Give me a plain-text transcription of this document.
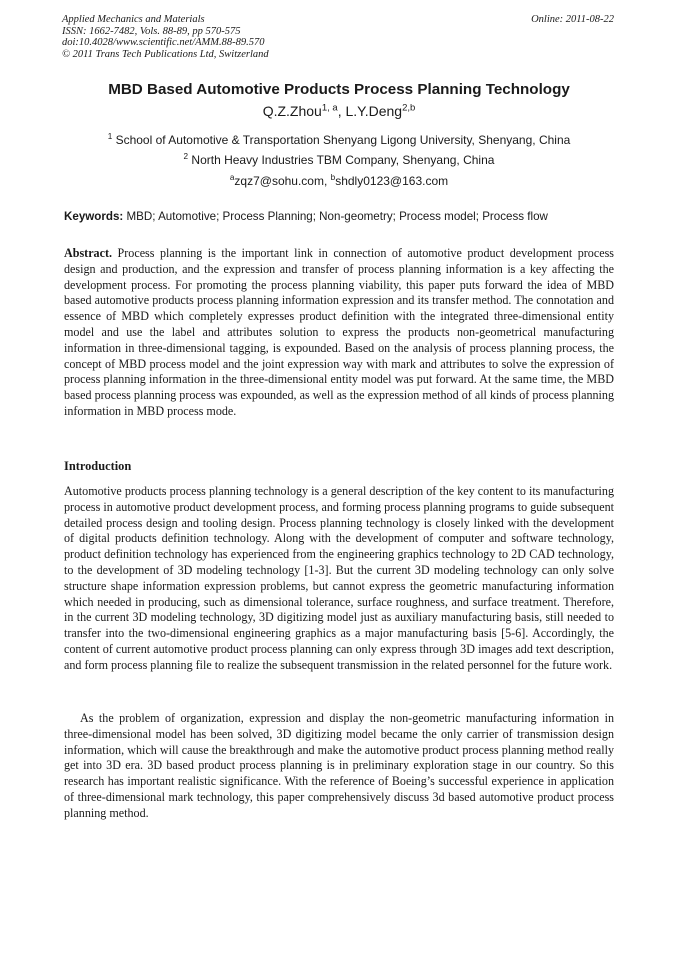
Applied Mechanics and Materials
ISSN: 1662-7482, Vols. 88-89, pp 570-575
doi:10.4028/www.scientific.net/AMM.88-89.570
© 2011 Trans Tech Publications Ltd, Switzerland
Online: 2011-08-22
MBD Based Automotive Products Process Planning Technology
Q.Z.Zhou$^{1, a}$, L.Y.Deng$^{2,b}$
$^1$ School of Automotive & Transportation Shenyang Ligong University, Shenyang, China
$^2$ North Heavy Industries TBM Company, Shenyang, China
$^a$zqz7@sohu.com, $^b$shdly0123@163.com
Keywords: MBD; Automotive; Process Planning; Non-geometry; Process model; Process flow
Abstract. Process planning is the important link in connection of automotive product development process design and production, and the expression and transfer of process planning information is a key affecting the development process. For promoting the process planning viability, this paper puts forward the idea of MBD based automotive products process planning information expression and its transfer method. The connotation and essence of MBD which completely expresses product definition with the integrated three-dimensional entity model and use the label and attributes solution to express the products non-geometrical manufacturing information in three-dimensional tagging, is expounded. Based on the analysis of process planning process, the concept of MBD process model and the joint expression way with mark and attributes to solve the expression of process planning information in the three-dimensional entity model was put forward. At the same time, the MBD based process planning process was expounded, as well as the expression method of all kinds of process planning information in MBD process mode.
Introduction
Automotive products process planning technology is a general description of the key content to its manufacturing process in automotive product development process, and forming process planning programs to guide subsequent detailed process design and tooling design. Process planning technology is closely linked with the development of digital products definition technology. Along with the development of computer and software technology, product definition technology has experienced from the engineering graphics technology to 2D CAD technology, to the development of 3D modeling technology [1-3]. But the current 3D modeling technology can only solve structure shape information expression problems, but cannot express the geometric manufacturing information which needed in producing, such as dimensional tolerance, surface roughness, and surface treatment. Therefore, in the current 3D modeling technology, 3D digitizing model just as auxiliary manufacturing basis, still needed to transfer into the two-dimensional engineering graphics as a major manufacturing basis [5-6]. Accordingly, the content of current automotive product process planning can only express through 3D images add text description, and form process planning file to realize the subsequent transmission in the related personnel for the future work.
As the problem of organization, expression and display the non-geometric manufacturing information in three-dimensional model has been solved, 3D digitizing model became the only carrier of transmission design information, which will cause the breakthrough and make the automotive product process planning method really get into 3D era. 3D based product process planning is in preliminary exploration stage in our country. So this research has important realistic significance. With the reference of Boeing’s successful experience in application of three-dimensional mark technology, this paper comprehensively discuss 3d based automotive product process planning method.
